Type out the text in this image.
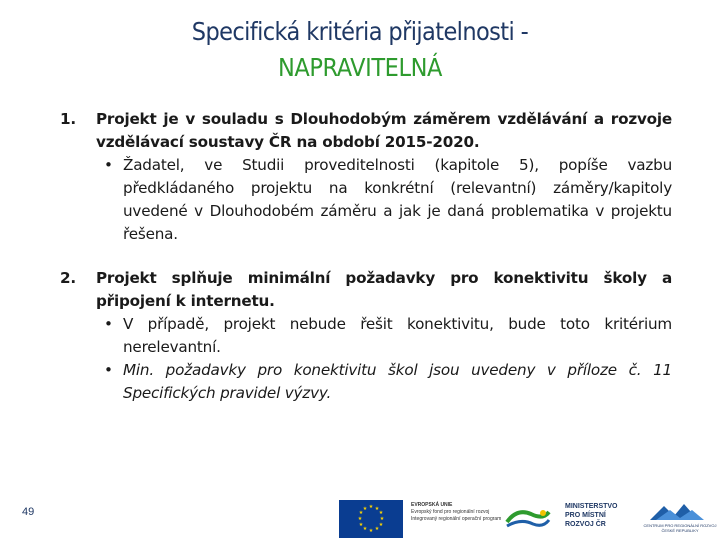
Specifická kritéria přijatelnosti -
NAPRAVITELNÁ
1. Projekt je v souladu s Dlouhodobým záměrem vzdělávání a rozvoje vzdělávací soustavy ČR na období 2015-2020.
• Žadatel, ve Studii proveditelnosti (kapitole 5), popíše vazbu předkládaného projektu na konkrétní (relevantní) záměry/kapitoly uvedené v Dlouhodobém záměru a jak je daná problematika v projektu řešena.
2. Projekt splňuje minimální požadavky pro konektivitu školy a připojení k internetu.
• V případě, projekt nebude řešit konektivitu, bude toto kritérium nerelevantní.
• Min. požadavky pro konektivitu škol jsou uvedeny v příloze č. 11 Specifických pravidel výzvy.
49	★ ★
★
★
★
★
★
★
★
★
★
★
EVROPSKÁ UNIE
Evropský fond pro regionální rozvoj
Integrovaný regionální operační program
MINISTERSTVO
PRO MÍSTNÍ
ROZVOJ ČR	CENTRUM PRO REGIONÁLNÍ ROZVOJ
ČESKÉ REPUBLIKY
